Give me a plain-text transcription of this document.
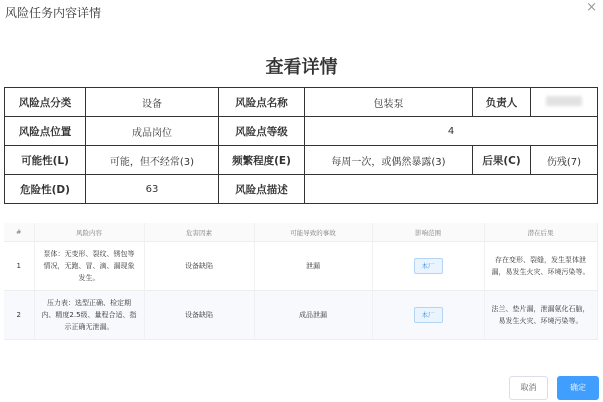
风险任务内容详情	×
查看详情
风险点分类	设备	风险点名称	包装泵	负责人	
风险点位置	成品岗位	风险点等级	4		
可能性(L)	可能，但不经常(3)	频繁程度(E)	每周一次，或偶然暴露(3)	后果(C)	伤残(7)
危险性(D)	63	风险点描述			
#	风险内容	危害因素	可能导致的事故	影响范围	潜在后果
1	泵体：无变形、裂纹、锈包等情况，无跑、冒、滴、漏现象发生。	设备缺陷	泄漏	本厂	存在变形、裂缝，发生泵体泄漏，易发生火灾、环境污染等。
2	压力表：选型正确、检定期内、精度2.5级、量程合适、指示正确无泄漏。	设备缺陷	成品泄漏	本厂	法兰、垫片漏，泄漏氨化石脑，易发生火灾、环境污染等。
取消	确定
